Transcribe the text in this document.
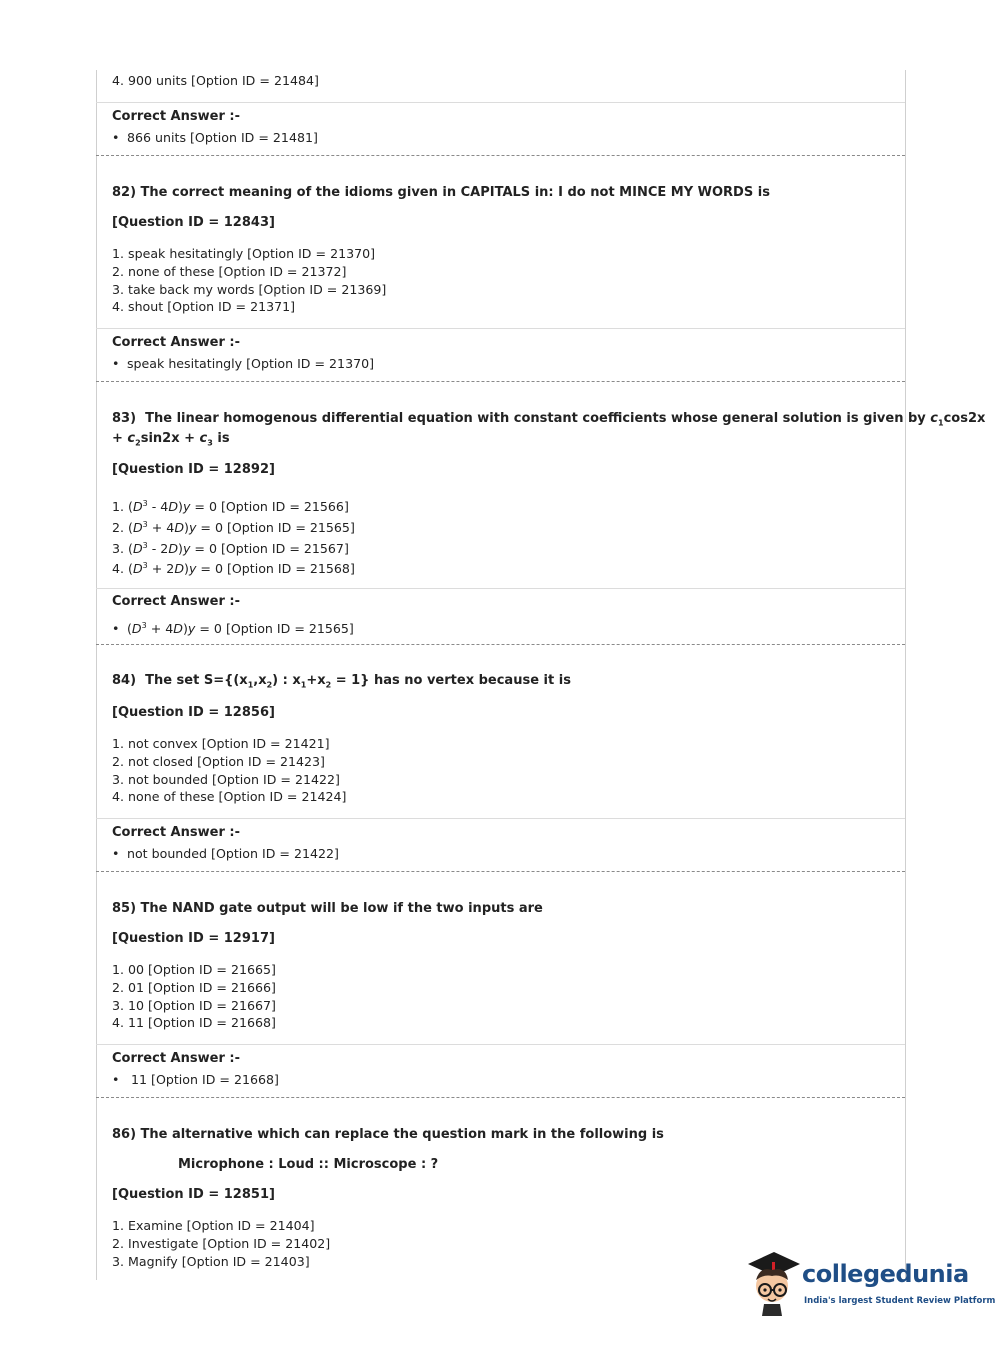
4. 900 units [Option ID = 21484]
Correct Answer :-
• 866 units [Option ID = 21481]
82) The correct meaning of the idioms given in CAPITALS in: I do not MINCE MY WORDS is
[Question ID = 12843]
1. speak hesitatingly [Option ID = 21370]
2. none of these [Option ID = 21372]
3. take back my words [Option ID = 21369]
4. shout [Option ID = 21371]
Correct Answer :-
• speak hesitatingly [Option ID = 21370]
83)  The linear homogenous differential equation with constant coefficients whose general solution is given by $c_1\cos 2x$
+ $c_2\sin 2x + c_3$ is
[Question ID = 12892]
1. $(D^3 - 4D)y = 0$ [Option ID = 21566]
2. $(D^3 + 4D)y = 0$ [Option ID = 21565]
3. $(D^3 - 2D)y = 0$ [Option ID = 21567]
4. $(D^3 + 2D)y = 0$ [Option ID = 21568]
Correct Answer :-
• $(D^3 + 4D)y = 0$ [Option ID = 21565]
84)  The set $S=\{(x_1,x_2)$ : $x_1+x_2 = 1$} has no vertex because it is
[Question ID = 12856]
1. not convex [Option ID = 21421]
2. not closed [Option ID = 21423]
3. not bounded [Option ID = 21422]
4. none of these [Option ID = 21424]
Correct Answer :-
• not bounded [Option ID = 21422]
85) The NAND gate output will be low if the two inputs are
[Question ID = 12917]
1. 00 [Option ID = 21665]
2. 01 [Option ID = 21666]
3. 10 [Option ID = 21667]
4. 11 [Option ID = 21668]
Correct Answer :-
• 11 [Option ID = 21668]
86) The alternative which can replace the question mark in the following is
Microphone : Loud :: Microscope : ?
[Question ID = 12851]
1. Examine [Option ID = 21404]
2. Investigate [Option ID = 21402]
3. Magnify [Option ID = 21403]	collegedunia
India's largest Student Review Platform
